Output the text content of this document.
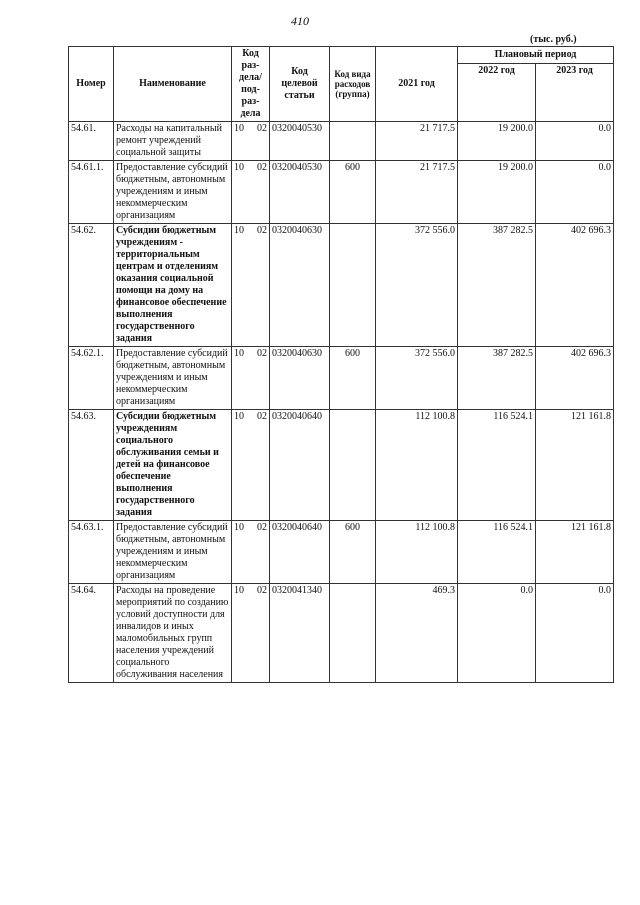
410
(тыс. руб.)
Номер	Наименование	Код раз-дела/ под-раз-дела	Код целевой статьи	Код вида расходов (группа)	2021 год	Плановый период	
						2022 год	2023 год
54.61.	Расходы на капитальный ремонт учреждений социальной защиты	10 02	0320040530		21 717.5	19 200.0	0.0
54.61.1.	Предоставление субсидий бюджетным, автономным учреждениям и иным некоммерческим организациям	10 02	0320040530	600	21 717.5	19 200.0	0.0
54.62.	Субсидии бюджетным учреждениям - территориальным центрам и отделениям оказания социальной помощи на дому на финансовое обеспечение выполнения государственного задания	10 02	0320040630		372 556.0	387 282.5	402 696.3
54.62.1.	Предоставление субсидий бюджетным, автономным учреждениям и иным некоммерческим организациям	10 02	0320040630	600	372 556.0	387 282.5	402 696.3
54.63.	Субсидии бюджетным учреждениям социального обслуживания семьи и детей на финансовое обеспечение выполнения государственного задания	10 02	0320040640		112 100.8	116 524.1	121 161.8
54.63.1.	Предоставление субсидий бюджетным, автономным учреждениям и иным некоммерческим организациям	10 02	0320040640	600	112 100.8	116 524.1	121 161.8
54.64.	Расходы на проведение мероприятий по созданию условий доступности для инвалидов и иных маломобильных групп населения учреждений социального обслуживания населения	10 02	0320041340		469.3	0.0	0.0
